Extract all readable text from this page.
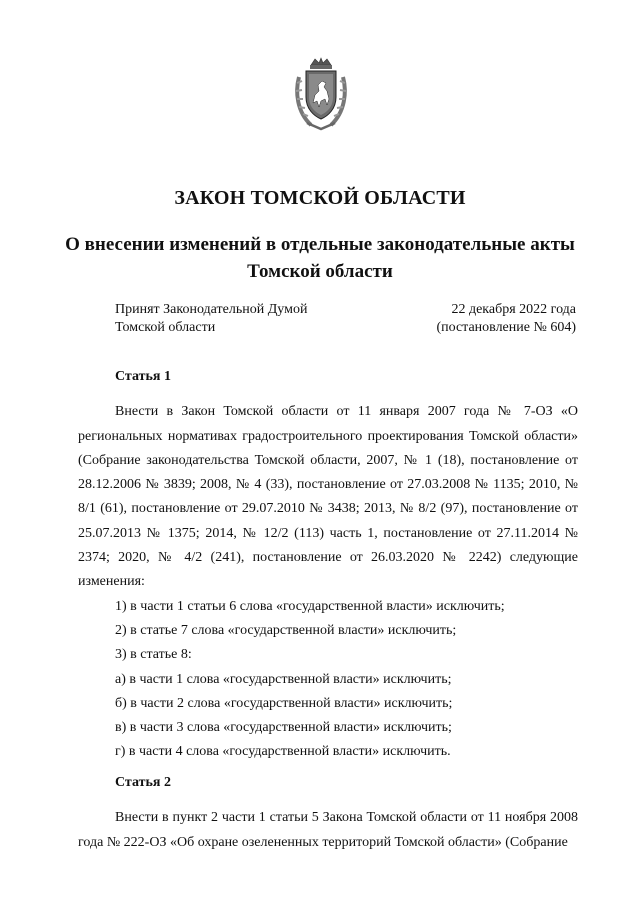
ЗАКОН ТОМСКОЙ ОБЛАСТИ
О внесении изменений в отдельные законодательные акты Томской области
Принят Законодательной Думой
Томской области
22 декабря 2022 года
(постановление № 604)
Статья 1

Внести в Закон Томской области от 11 января 2007 года № 7-ОЗ «О региональных нормативах градостроительного проектирования Томской области» (Собрание законодательства Томской области, 2007, № 1 (18), постановление от 28.12.2006 № 3839; 2008, № 4 (33), постановление от 27.03.2008 № 1135; 2010, № 8/1 (61), постановление от 29.07.2010 № 3438; 2013, № 8/2 (97), постановление от 25.07.2013 № 1375; 2014, № 12/2 (113) часть 1, постановление от 27.11.2014 № 2374; 2020, № 4/2 (241), постановление от 26.03.2020 № 2242) следующие изменения:

1) в части 1 статьи 6 слова «государственной власти» исключить;

2) в статье 7 слова «государственной власти» исключить;

3) в статье 8:

а) в части 1 слова «государственной власти» исключить;

б) в части 2 слова «государственной власти» исключить;

в) в части 3 слова «государственной власти» исключить;

г) в части 4 слова «государственной власти» исключить.

Статья 2

Внести в пункт 2 части 1 статьи 5 Закона Томской области от 11 ноября 2008 года № 222-ОЗ «Об охране озелененных территорий Томской области» (Собрание
